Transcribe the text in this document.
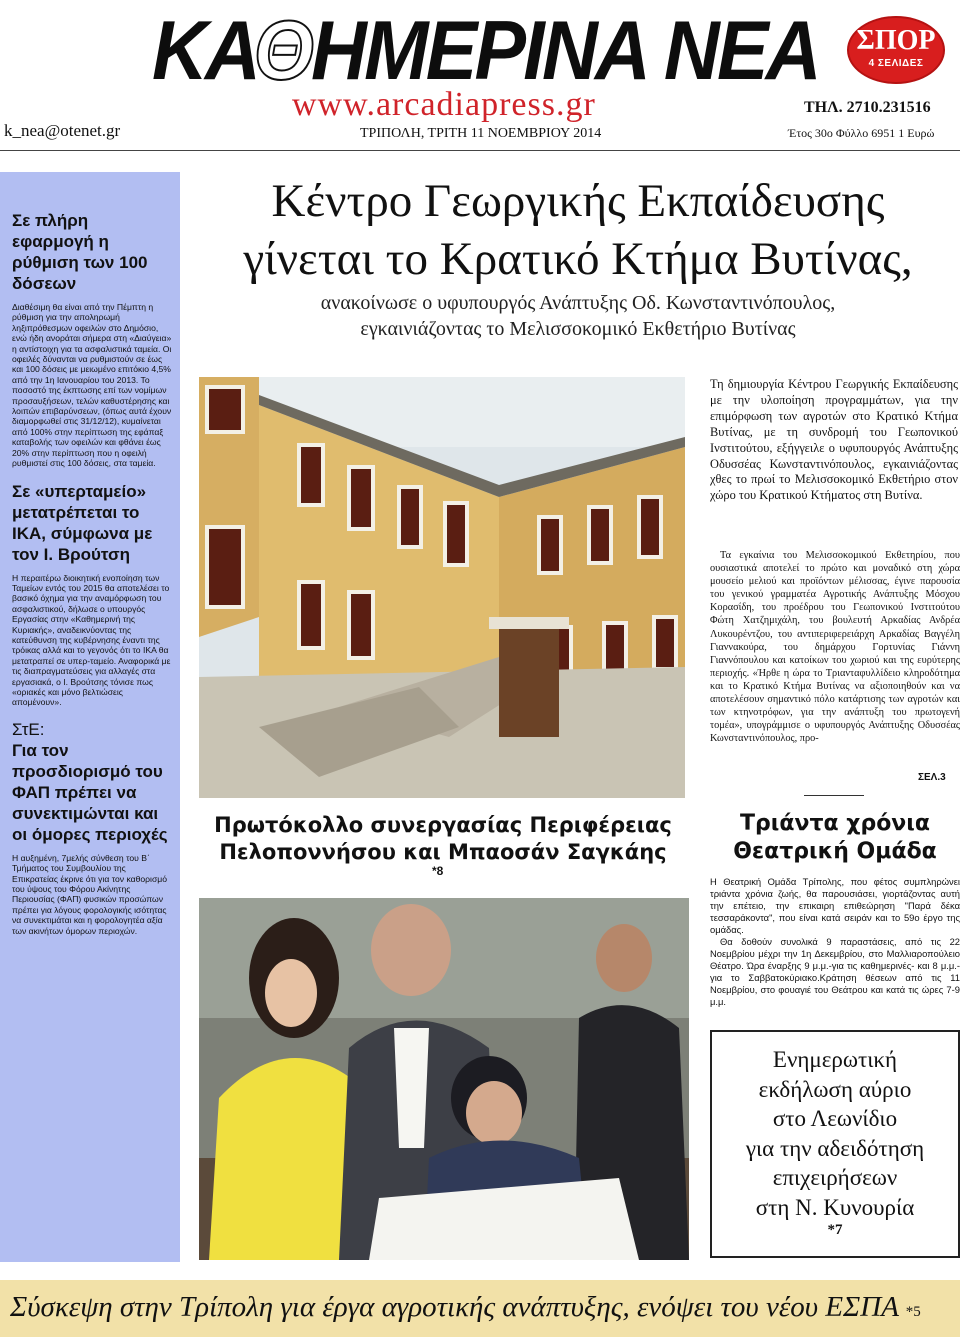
ΚΑΘΗΜΕΡΙΝΑ ΝΕΑ ΣΠΟΡ
4 ΣΕΛΙΔΕΣ
www.arcadiapress.gr
k_nea@otenet.gr	ΤΡΙΠΟΛΗ, ΤΡΙΤΗ 11 ΝΟΕΜΒΡΙΟΥ 2014
ΤΗΛ. 2710.231516
Έτος 30ο Φύλλο 6951 1 Ευρώ
Σε πλήρη εφαρμογή η ρύθμιση των 100 δόσεων
Διαθέσιμη θα είναι από την Πέμπτη η ρύθμιση για την αποληρωμή ληξιπρόθεσμων οφειλών στο Δημόσιο, ενώ ήδη ανοράται σήμερα στη «Διαύγεια» η αντίστοιχη για τα ασφαλιστικά ταμεία. Οι οφειλές δύνανται να ρυθμιστούν σε έως και 100 δόσεις με μειωμένο επιτόκιο 4,5% από την 1η Ιανουαρίου του 2013. Το ποσοστό της έκπτωσης επί των νομίμων προσαυξήσεων, τελών καθυστέρησης και λοιπών επιβαρύνσεων, (όπως αυτά έχουν διαμορφωθεί στις 31/12/12), κυμαίνεται από 100% στην περίπτωση της εφάπαξ καταβολής των οφειλών και φθάνει έως 20% στην περίπτωση που η οφειλή ρυθμιστεί στις 100 δόσεις, στα ταμεία.
Σε «υπερταμείο» μετατρέπεται το ΙΚΑ, σύμφωνα με τον Ι. Βρούτση
Η περαιτέρω διοικητική ενοποίηση των Ταμείων εντός του 2015 θα αποτελέσει το βασικό όχημα για την αναμόρφωση του ασφαλιστικού, δήλωσε ο υπουργός Εργασίας στην «Καθημερινή της Κυριακής», αναδεικνύοντας της κατεύθυνση της κυβέρνησης έναντι της τρόικας αλλά και το γεγονός ότι το ΙΚΑ θα μετατραπεί σε υπερ-ταμείο. Αναφορικά με τις διαπραγματεύσεις για αλλαγές στα εργασιακά, ο Ι. Βρούτσης τόνισε πως «οριακές και μόνο βελτιώσεις απομένουν».
ΣτΕ:
Για τον προσδιορισμό του ΦΑΠ πρέπει να συνεκτιμώνται και οι όμορες περιοχές
Η αυξημένη, 7μελής σύνθεση του Β΄ Τμήματος του Συμβουλίου της Επικρατείας έκρινε ότι για τον καθορισμό του ύψους του Φόρου Ακίνητης Περιουσίας (ΦΑΠ) φυσικών προσώπων πρέπει για λόγους φορολογικής ισότητας να συνεκτιμάται και η φορολογητέα αξία των ακινήτων όμορων περιοχών.
Κέντρο Γεωργικής Εκπαίδευσης
γίνεται το Κρατικό Κτήμα Βυτίνας,
ανακοίνωσε ο υφυπουργός Ανάπτυξης Οδ. Κωνσταντινόπουλος,
εγκαινιάζοντας το Μελισσοκομικό Εκθετήριο Βυτίνας
Τη δημιουργία Κέντρου Γεωργικής Εκπαίδευσης με την υλοποίηση προγραμμάτων, για την επιμόρφωση των αγροτών στο Κρατικό Κτήμα Βυτίνας, με τη συνδρομή του Γεωπονικού Ινστιτούτου, εξήγγειλε ο υφυπουργός Ανάπτυξης Οδυσσέας Κωνσταντινόπουλος, εγκαινιάζοντας χθες το πρωί το Μελισσοκομικό Εκθετήριο στον χώρο του Κρατικού Κτήματος στη Βυτίνα.
Τα εγκαίνια του Μελισσοκομικού Εκθετηρίου, που ουσιαστικά αποτελεί το πρώτο και μοναδικό στη χώρα μουσείο μελιού και προϊόντων μέλισσας, έγινε παρουσία του γενικού γραμματέα Αγροτικής Ανάπτυξης Μόσχου Κορασίδη, του προέδρου του Γεωπονικού Ινστιτούτου Φώτη Χατζημιχάλη, του βουλευτή Αρκαδίας Ανδρέα Λυκουρέντζου, του αντιπεριφερειάρχη Αρκαδίας Βαγγέλη Γιαννακούρα, του δημάρχου Γορτυνίας Γιάννη Γιαννόπουλου και κατοίκων του χωριού και της ευρύτερης περιοχής. «Ήρθε η ώρα το Τριανταφυλλίδειο κληροδότημα και το Κρατικό Κτήμα Βυτίνας να αξιοποιηθούν και να αποτελέσουν σημαντικό πόλο κατάρτισης των αγροτών και των κτηνοτρόφων, για την ανάπτυξη του πρωτογενή τομέα», υπογράμμισε ο υφυπουργός Ανάπτυξης Οδυσσέας Κωνσταντινόπουλος, προ-
ΣΕΛ.3
Πρωτόκολλο συνεργασίας Περιφέρειας
Πελοποννήσου και Μπαοσάν Σαγκάης
*8
Τριάντα χρόνια
Θεατρική Ομάδα
Η Θεατρική Ομάδα Τρίπολης, που φέτος συμπληρώνει τριάντα χρόνια ζωής, θα παρουσιάσει, γιορτάζοντας αυτή την επέτειο, την επικαιρη επιθεώρηση "Παρά δέκα τεσσαράκοντα", που είναι κατά σειράν και το 59ο έργο της ομάδας.
Θα δοθούν συνολικά 9 παραστάσεις, από τις 22 Νοεμβρίου μέχρι την 1η Δεκεμβρίου, στο Μαλλιαροπούλειο Θέατρο. Ώρα έναρξης 9 μ.μ.-για τις καθημερινές- και 8 μ.μ.-για το Σαββατοκύριακο.Κράτηση θέσεων από τις 11 Νοεμβρίου, στο φουαγιέ του Θεάτρου και κατά τις ώρες 7-9 μ.μ.
Ενημερωτική
εκδήλωση αύριο
στο Λεωνίδιο
για την αδειδότηση
επιχειρήσεων
στη Ν. Κυνουρία
*7
Σύσκεψη στην Τρίπολη για έργα αγροτικής ανάπτυξης, ενόψει του νέου ΕΣΠΑ *5
